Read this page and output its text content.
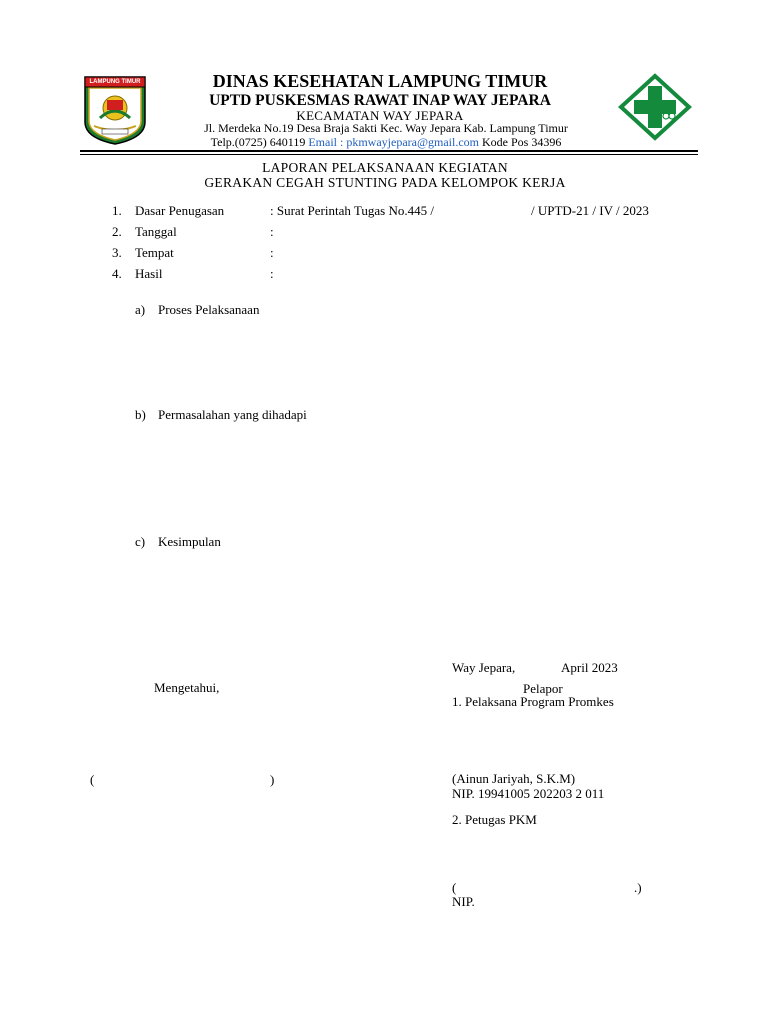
LAMPUNG TIMUR	DINAS KESEHATAN LAMPUNG TIMUR
UPTD PUSKESMAS RAWAT INAP WAY JEPARA
KECAMATAN WAY JEPARA
Jl. Merdeka No.19 Desa Braja Sakti Kec. Way Jepara Kab. Lampung Timur
Telp.(0725) 640119 Email : pkmwayjepara@gmail.com Kode Pos 34396
LAPORAN PELAKSANAAN KEGIATAN
GERAKAN CEGAH STUNTING PADA KELOMPOK KERJA
1. Dasar Penugasan	: Surat Perintah Tugas No.445 /	/ UPTD-21 / IV / 2023
2. Tanggal	:
3. Tempat	:
4. Hasil	:
a) Proses Pelaksanaan
b) Permasalahan yang dihadapi
c) Kesimpulan
Way Jepara,	April 2023
Mengetahui,	Pelapor
1. Pelaksana Program Promkes
(	)	(Ainun Jariyah, S.K.M)
NIP. 19941005 202203 2 011
2. Petugas PKM
(	.)
NIP.
